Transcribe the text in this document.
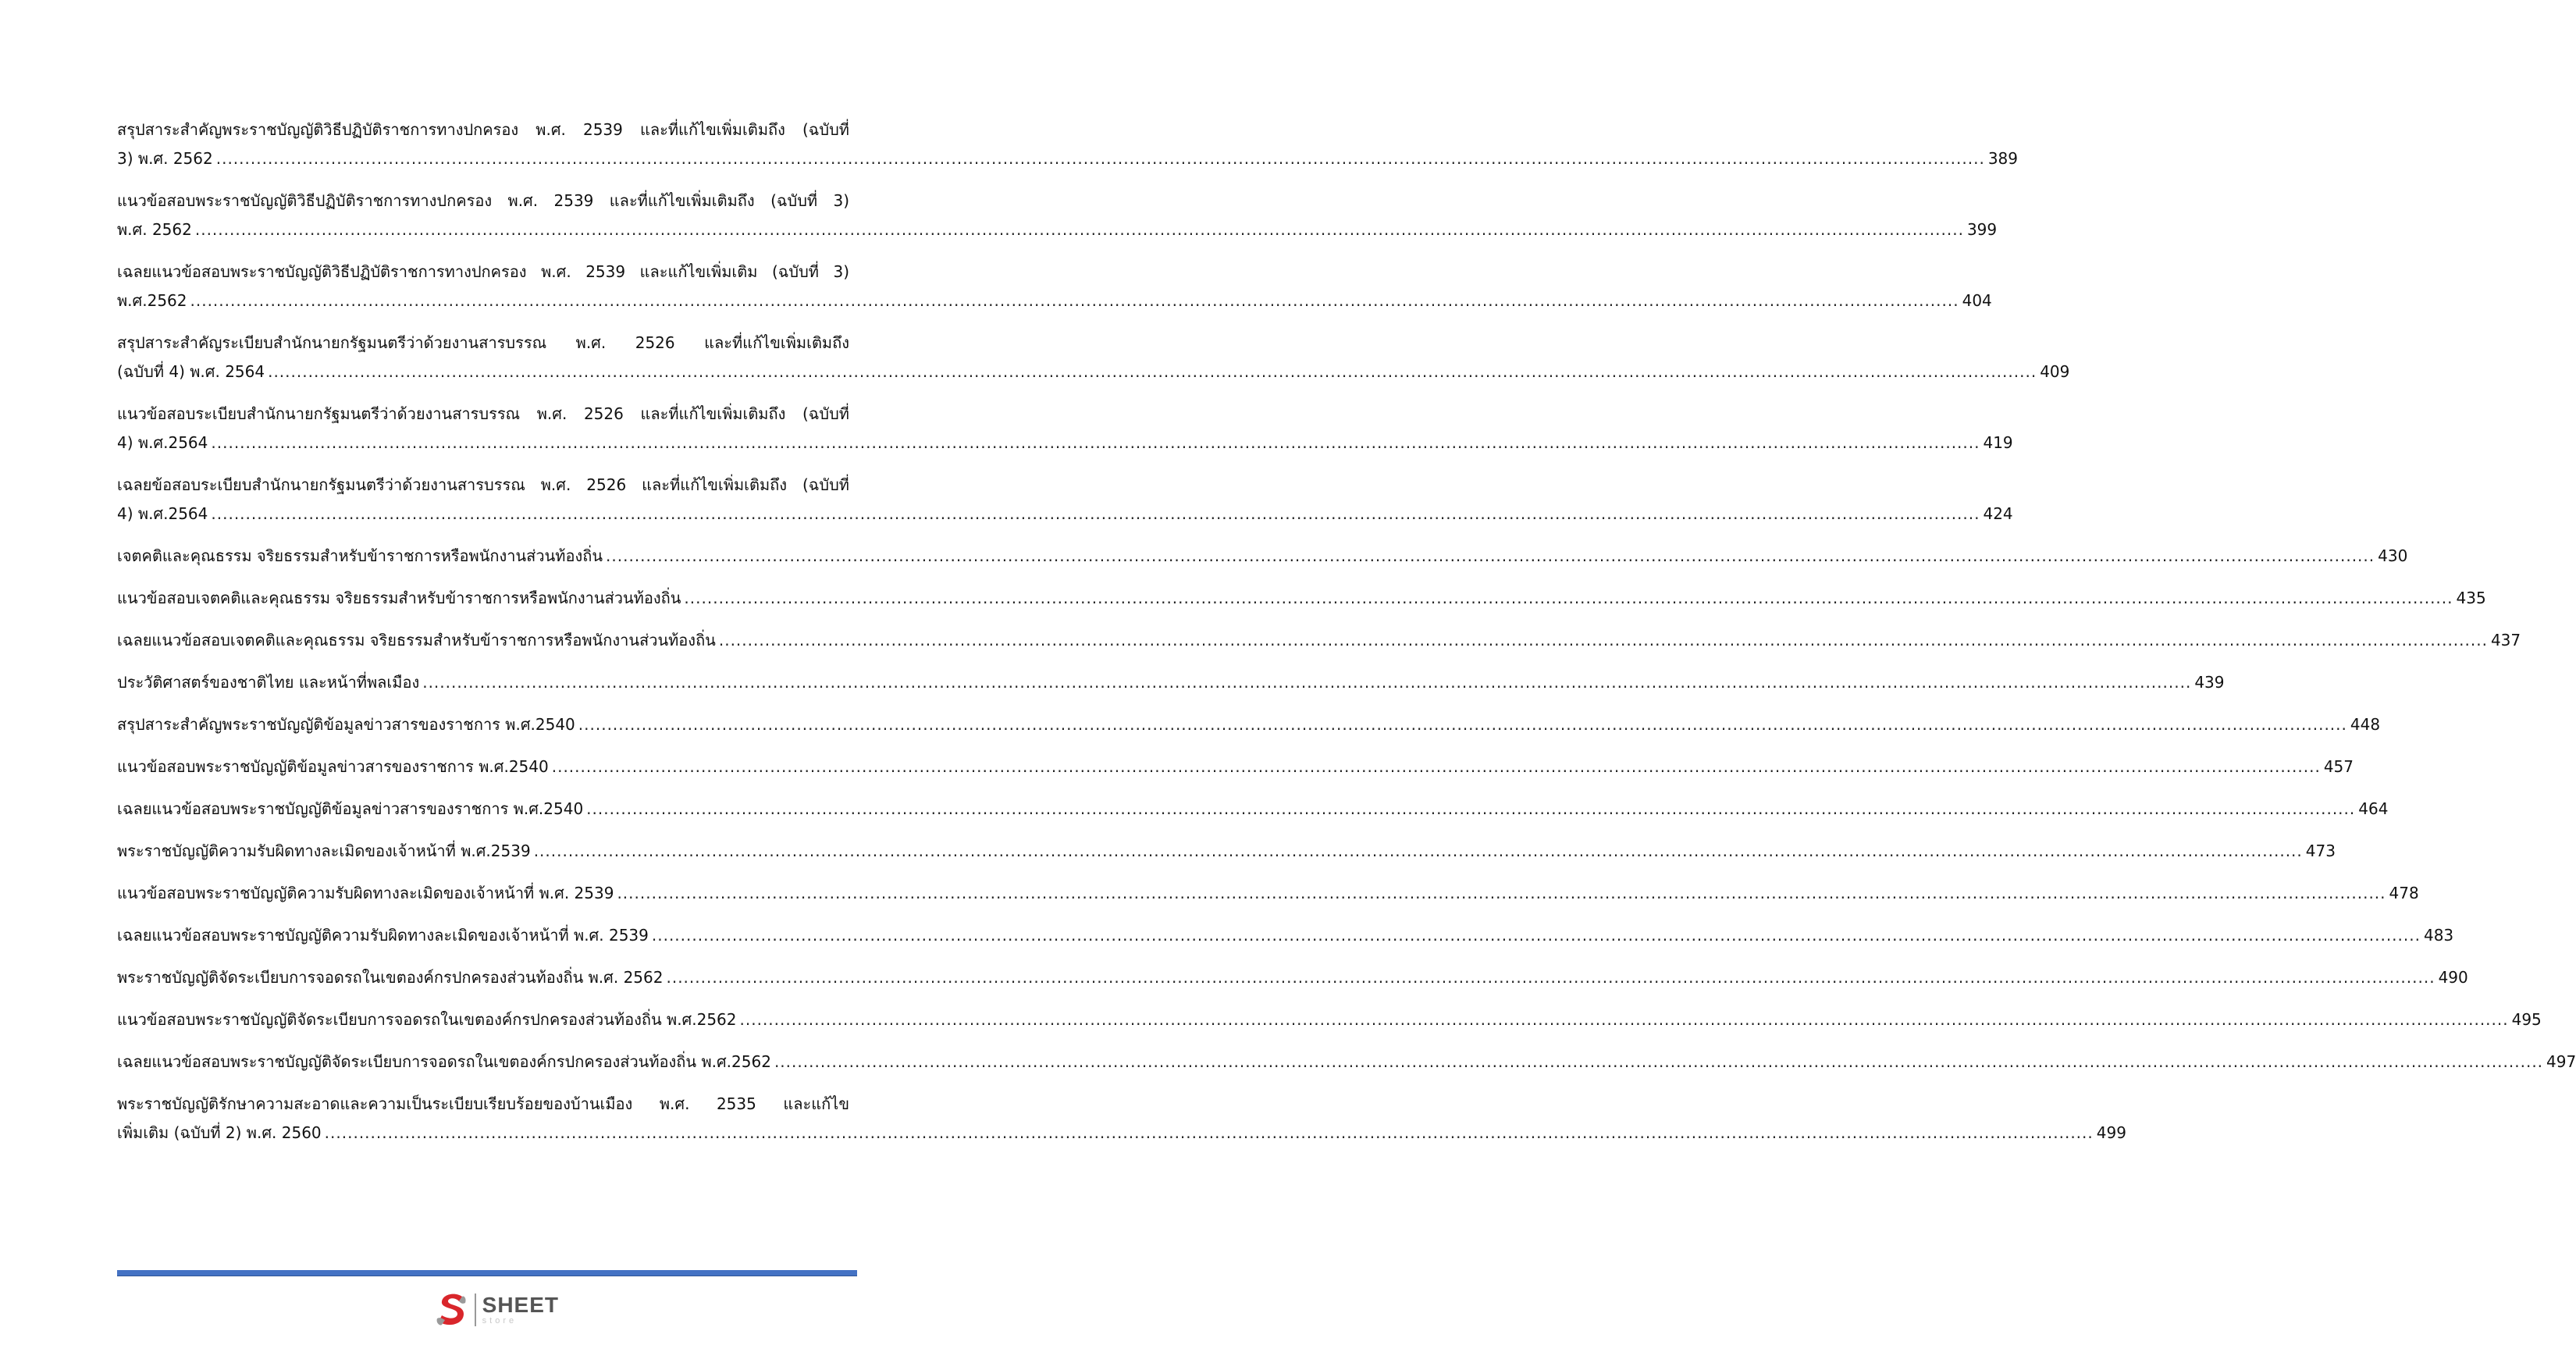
สรุปสาระสำคัญพระราชบัญญัติวิธีปฏิบัติราชการทางปกครอง พ.ศ. 2539 และที่แก้ไขเพิ่มเติมถึง (ฉบับที่
3) พ.ศ. 2562 .....	389
แนวข้อสอบพระราชบัญญัติวิธีปฏิบัติราชการทางปกครอง พ.ศ. 2539 และที่แก้ไขเพิ่มเติมถึง (ฉบับที่ 3)
พ.ศ. 2562 .....	399
เฉลยแนวข้อสอบพระราชบัญญัติวิธีปฏิบัติราชการทางปกครอง พ.ศ. 2539 และแก้ไขเพิ่มเติม (ฉบับที่ 3)
พ.ศ.2562 .....	404
สรุปสาระสำคัญระเบียบสำนักนายกรัฐมนตรีว่าด้วยงานสารบรรณ พ.ศ. 2526 และที่แก้ไขเพิ่มเติมถึง
(ฉบับที่ 4) พ.ศ. 2564 .....	409
แนวข้อสอบระเบียบสำนักนายกรัฐมนตรีว่าด้วยงานสารบรรณ พ.ศ. 2526 และที่แก้ไขเพิ่มเติมถึง (ฉบับที่
4) พ.ศ.2564 .....	419
เฉลยข้อสอบระเบียบสำนักนายกรัฐมนตรีว่าด้วยงานสารบรรณ พ.ศ. 2526 และที่แก้ไขเพิ่มเติมถึง (ฉบับที่
4) พ.ศ.2564 .....	424
เจตคติและคุณธรรม จริยธรรมสำหรับข้าราชการหรือพนักงานส่วนท้องถิ่น .....	430
แนวข้อสอบเจตคติและคุณธรรม จริยธรรมสำหรับข้าราชการหรือพนักงานส่วนท้องถิ่น .....	435
เฉลยแนวข้อสอบเจตคติและคุณธรรม จริยธรรมสำหรับข้าราชการหรือพนักงานส่วนท้องถิ่น .....	437
ประวัติศาสตร์ของชาติไทย และหน้าที่พลเมือง .....	439
สรุปสาระสำคัญพระราชบัญญัติข้อมูลข่าวสารของราชการ พ.ศ.2540 .....	448
แนวข้อสอบพระราชบัญญัติข้อมูลข่าวสารของราชการ พ.ศ.2540 .....	457
เฉลยแนวข้อสอบพระราชบัญญัติข้อมูลข่าวสารของราชการ พ.ศ.2540 .....	464
พระราชบัญญัติความรับผิดทางละเมิดของเจ้าหน้าที่ พ.ศ.2539 .....	473
แนวข้อสอบพระราชบัญญัติความรับผิดทางละเมิดของเจ้าหน้าที่ พ.ศ. 2539 .....	478
เฉลยแนวข้อสอบพระราชบัญญัติความรับผิดทางละเมิดของเจ้าหน้าที่ พ.ศ. 2539 .....	483
พระราชบัญญัติจัดระเบียบการจอดรถในเขตองค์กรปกครองส่วนท้องถิ่น พ.ศ. 2562 .....	490
แนวข้อสอบพระราชบัญญัติจัดระเบียบการจอดรถในเขตองค์กรปกครองส่วนท้องถิ่น พ.ศ.2562 .....	495
เฉลยแนวข้อสอบพระราชบัญญัติจัดระเบียบการจอดรถในเขตองค์กรปกครองส่วนท้องถิ่น พ.ศ.2562 .....	497
พระราชบัญญัติรักษาความสะอาดและความเป็นระเบียบเรียบร้อยของบ้านเมือง พ.ศ. 2535 และแก้ไข
เพิ่มเติม (ฉบับที่ 2) พ.ศ. 2560 .....	499
SHEET
store
